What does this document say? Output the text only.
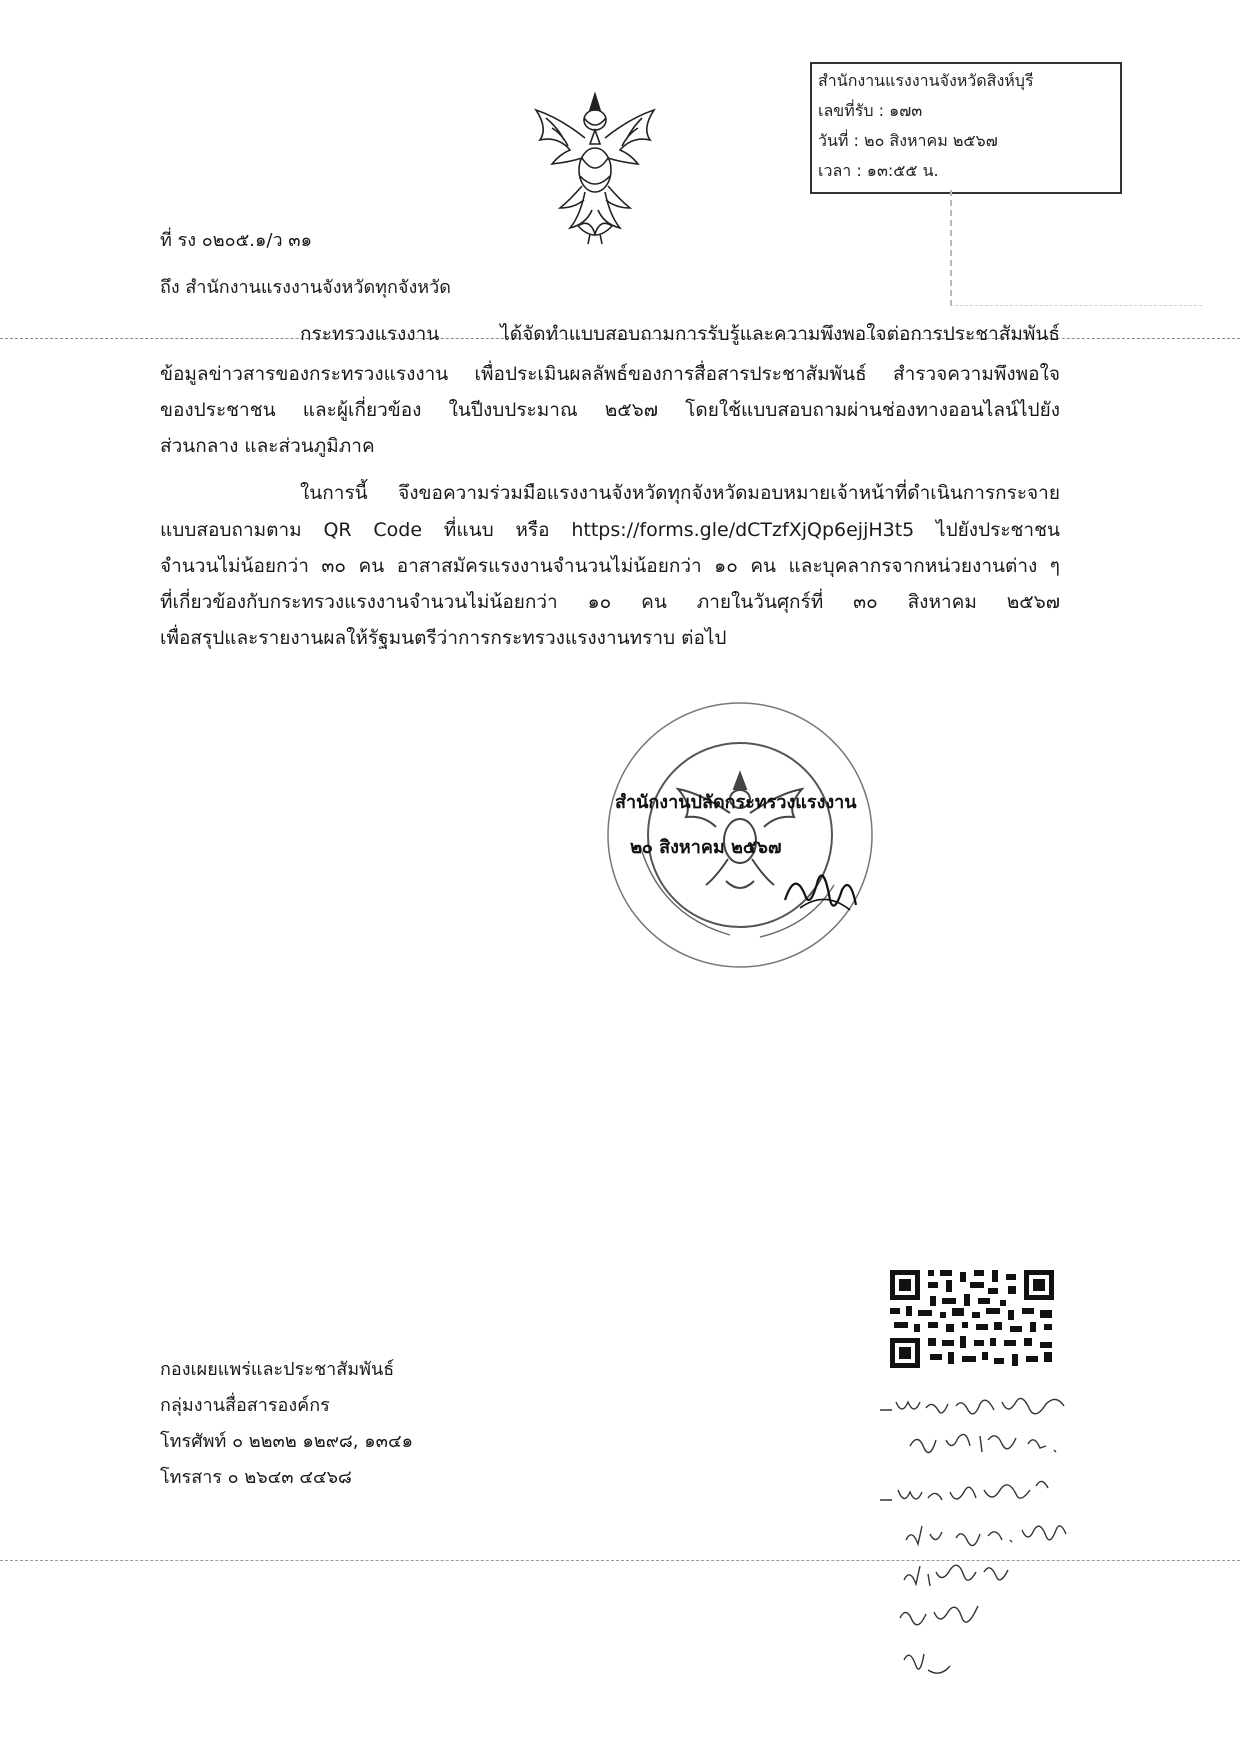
สำนักงานแรงงานจังหวัดสิงห์บุรี
เลขที่รับ : ๑๗๓
วันที่ : ๒๐ สิงหาคม ๒๕๖๗
เวลา : ๑๓:๕๕ น.
ที่ รง ๐๒๐๕.๑/ว ๓๑
ถึง สำนักงานแรงงานจังหวัดทุกจังหวัด
กระทรวงแรงงาน ได้จัดทำแบบสอบถามการรับรู้และความพึงพอใจต่อการประชาสัมพันธ์
ข้อมูลข่าวสารของกระทรวงแรงงาน เพื่อประเมินผลลัพธ์ของการสื่อสารประชาสัมพันธ์ สำรวจความพึงพอใจ
ของประชาชน และผู้เกี่ยวข้อง ในปีงบประมาณ ๒๕๖๗ โดยใช้แบบสอบถามผ่านช่องทางออนไลน์ไปยัง
ส่วนกลาง และส่วนภูมิภาค
ในการนี้ จึงขอความร่วมมือแรงงานจังหวัดทุกจังหวัดมอบหมายเจ้าหน้าที่ดำเนินการกระจาย
แบบสอบถามตาม QR Code ที่แนบ หรือ https://forms.gle/dCTzfXjQp6ejjH3t5 ไปยังประชาชน
จำนวนไม่น้อยกว่า ๓๐ คน อาสาสมัครแรงงานจำนวนไม่น้อยกว่า ๑๐ คน และบุคลากรจากหน่วยงานต่าง ๆ
ที่เกี่ยวข้องกับกระทรวงแรงงานจำนวนไม่น้อยกว่า ๑๐ คน ภายในวันศุกร์ที่ ๓๐ สิงหาคม ๒๕๖๗
เพื่อสรุปและรายงานผลให้รัฐมนตรีว่าการกระทรวงแรงงานทราบ ต่อไป
สำนักงานปลัดกระทรวงแรงงาน
๒๐ สิงหาคม ๒๕๖๗
กองเผยแพร่และประชาสัมพันธ์
กลุ่มงานสื่อสารองค์กร
โทรศัพท์ ๐ ๒๒๓๒ ๑๒๙๘, ๑๓๔๑
โทรสาร ๐ ๒๖๔๓ ๔๔๖๘
